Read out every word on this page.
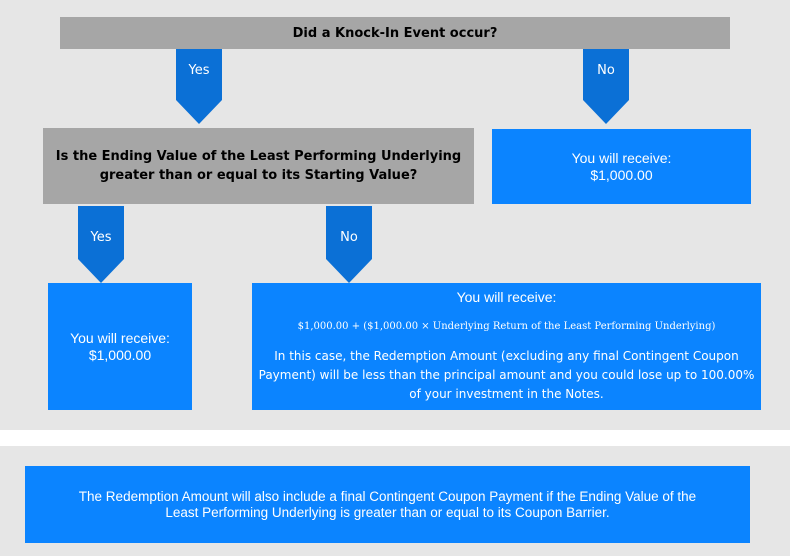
Did a Knock-In Event occur?
Yes	No
Is the Ending Value of the Least Performing Underlying
greater than or equal to its Starting Value?
You will receive:
$1,000.00
Yes	No
You will receive:
$1,000.00
You will receive:
$1,000.00 + ($1,000.00 × Underlying Return of the Least Performing Underlying)
In this case, the Redemption Amount (excluding any final Contingent Coupon
Payment) will be less than the principal amount and you could lose up to 100.00%
of your investment in the Notes.
The Redemption Amount will also include a final Contingent Coupon Payment if the Ending Value of the
Least Performing Underlying is greater than or equal to its Coupon Barrier.
